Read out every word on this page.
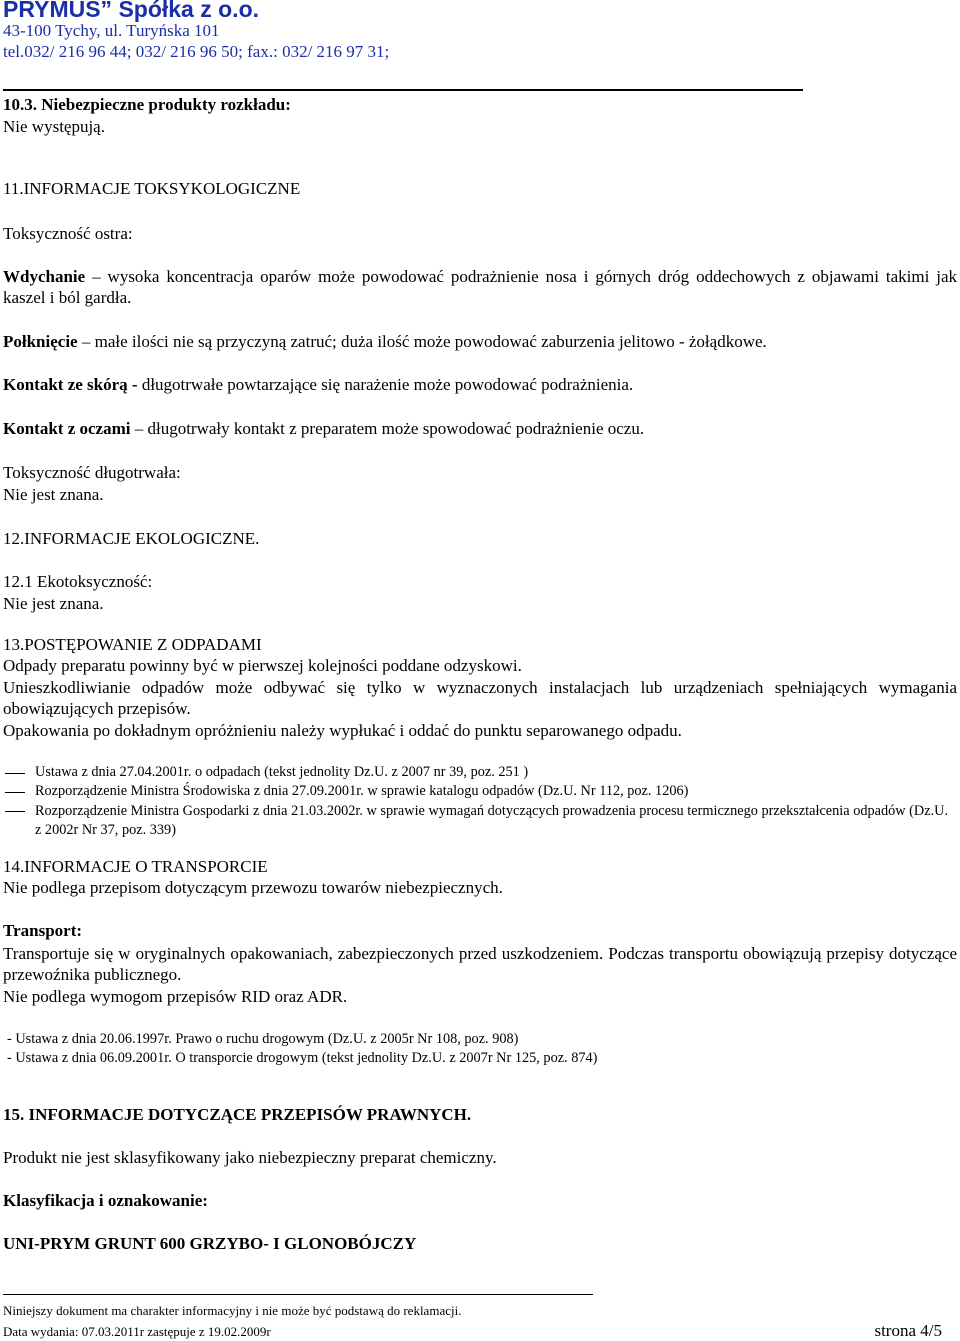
PRYMUS” Spółka z o.o.
43-100 Tychy, ul. Turyńska 101
tel.032/ 216 96 44; 032/ 216 96 50; fax.: 032/ 216 97 31;
10.3. Niebezpieczne produkty rozkładu:
Nie występują.
11.INFORMACJE TOKSYKOLOGICZNE
Toksyczność ostra:
Wdychanie – wysoka koncentracja oparów może powodować podrażnienie nosa i górnych dróg oddechowych z objawami takimi jak kaszel i ból gardła.
Połknięcie – małe ilości nie są przyczyną zatruć; duża ilość może powodować zaburzenia jelitowo - żołądkowe.
Kontakt ze skórą - długotrwałe powtarzające się narażenie może powodować podrażnienia.
Kontakt z oczami – długotrwały kontakt z preparatem może spowodować podrażnienie oczu.
Toksyczność długotrwała:
Nie jest znana.
12.INFORMACJE EKOLOGICZNE.
12.1 Ekotoksyczność:
Nie jest znana.
13.POSTĘPOWANIE Z ODPADAMI
Odpady preparatu powinny być w pierwszej kolejności poddane odzyskowi.
Unieszkodliwianie odpadów może odbywać się tylko w wyznaczonych instalacjach lub urządzeniach spełniających wymagania obowiązujących przepisów.
Opakowania po dokładnym opróżnieniu należy wypłukać i oddać do punktu separowanego odpadu.
Ustawa z dnia 27.04.2001r. o odpadach (tekst jednolity Dz.U. z 2007 nr 39, poz. 251 )
Rozporządzenie Ministra Środowiska z dnia 27.09.2001r. w sprawie katalogu odpadów (Dz.U. Nr 112, poz. 1206)
Rozporządzenie Ministra Gospodarki z dnia 21.03.2002r. w sprawie wymagań dotyczących prowadzenia procesu termicznego przekształcenia odpadów (Dz.U. z 2002r Nr 37, poz. 339)
14.INFORMACJE O TRANSPORCIE
Nie podlega przepisom dotyczącym przewozu towarów niebezpiecznych.
Transport:
Transportuje się w oryginalnych opakowaniach, zabezpieczonych przed uszkodzeniem. Podczas transportu obowiązują przepisy dotyczące przewoźnika publicznego.
Nie podlega wymogom przepisów RID oraz ADR.
- Ustawa z dnia 20.06.1997r. Prawo o ruchu drogowym (Dz.U. z 2005r Nr 108, poz. 908)
- Ustawa z dnia 06.09.2001r. O transporcie drogowym (tekst jednolity Dz.U. z 2007r Nr 125, poz. 874)
15. INFORMACJE DOTYCZĄCE PRZEPISÓW PRAWNYCH.
Produkt nie jest sklasyfikowany jako niebezpieczny preparat chemiczny.
Klasyfikacja i oznakowanie:
UNI-PRYM GRUNT 600 GRZYBO- I GLONOBÓJCZY
Niniejszy dokument ma charakter informacyjny i nie może być podstawą do reklamacji.
Data wydania: 07.03.2011r zastępuje z 19.02.2009r	strona 4/5
